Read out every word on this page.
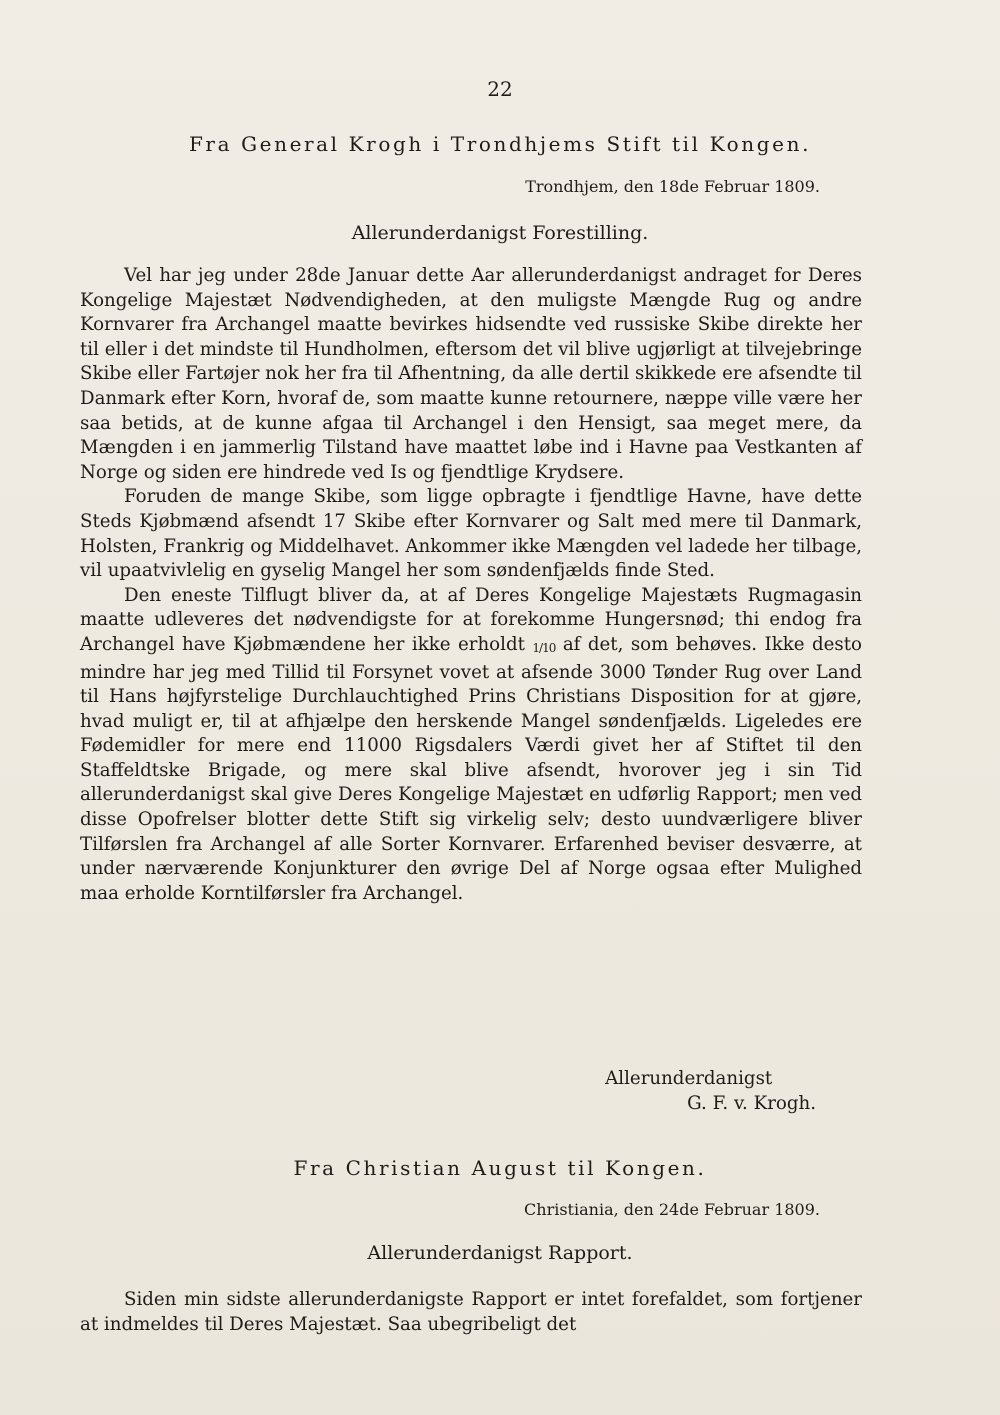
22
Fra General Krogh i Trondhjems Stift til Kongen.
Trondhjem, den 18de Februar 1809.
Allerunderdanigst Forestilling.

Vel har jeg under 28de Januar dette Aar allerunderdanigst andraget for Deres Kongelige Majestæt Nødvendigheden, at den muligste Mængde Rug og andre Kornvarer fra Archangel maatte bevirkes hidsendte ved russiske Skibe direkte her til eller i det mindste til Hundholmen, eftersom det vil blive ugjørligt at tilvejebringe Skibe eller Fartøjer nok her fra til Afhentning, da alle dertil skikkede ere afsendte til Danmark efter Korn, hvoraf de, som maatte kunne retournere, næppe ville være her saa betids, at de kunne afgaa til Archangel i den Hensigt, saa meget mere, da Mængden i en jammerlig Tilstand have maattet løbe ind i Havne paa Vestkanten af Norge og siden ere hindrede ved Is og fjendtlige Krydsere.

Foruden de mange Skibe, som ligge opbragte i fjendtlige Havne, have dette Steds Kjøbmænd afsendt 17 Skibe efter Kornvarer og Salt med mere til Danmark, Holsten, Frankrig og Middelhavet. Ankommer ikke Mængden vel ladede her tilbage, vil upaatvivlelig en gyselig Mangel her som søndenfjælds finde Sted.

Den eneste Tilflugt bliver da, at af Deres Kongelige Majestæts Rugmagasin maatte udleveres det nødvendigste for at forekomme Hungersnød; thi endog fra Archangel have Kjøbmændene her ikke erholdt 1/10 af det, som behøves. Ikke desto mindre har jeg med Tillid til Forsynet vovet at afsende 3000 Tønder Rug over Land til Hans højfyrstelige Durchlauchtighed Prins Christians Disposition for at gjøre, hvad muligt er, til at afhjælpe den herskende Mangel søndenfjælds. Ligeledes ere Fødemidler for mere end 11000 Rigsdalers Værdi givet her af Stiftet til den Staffeldtske Brigade, og mere skal blive afsendt, hvorover jeg i sin Tid allerunderdanigst skal give Deres Kongelige Majestæt en udførlig Rapport; men ved disse Opofrelser blotter dette Stift sig virkelig selv; desto uundværligere bliver Tilførslen fra Archangel af alle Sorter Kornvarer. Erfarenhed beviser desværre, at under nærværende Konjunkturer den øvrige Del af Norge ogsaa efter Mulighed maa erholde Korntilførsler fra Archangel.

Allerunderdanigst
G. F. v. Krogh.
Fra Christian August til Kongen.
Christiania, den 24de Februar 1809.
Allerunderdanigst Rapport.

Siden min sidste allerunderdanigste Rapport er intet forefaldet, som fortjener at indmeldes til Deres Majestæt. Saa ubegribeligt det
